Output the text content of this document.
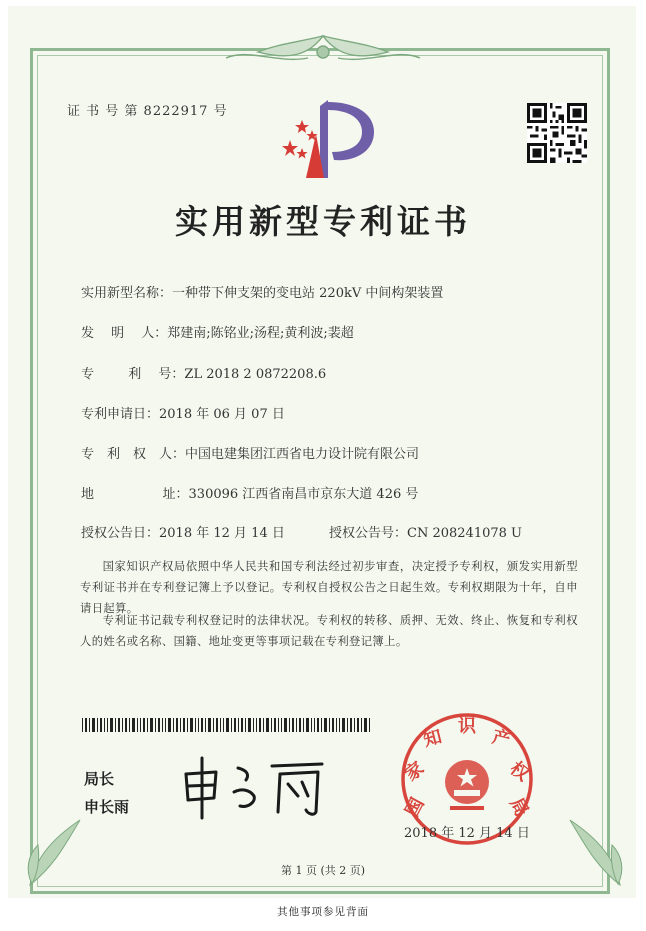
证 书 号 第 8222917 号
实用新型专利证书
实用新型名称：一种带下伸支架的变电站 220kV 中间构架装置
发　 明　 人：郑建南;陈铭业;汤程;黄利波;裴超
专　 　 利　 号：ZL 2018 2 0872208.6
专利申请日：2018 年 06 月 07 日
专　利　权　人：中国电建集团江西省电力设计院有限公司
地　 　 　 　 址：330096 江西省南昌市京东大道 426 号
授权公告日：2018 年 12 月 14 日	授权公告号：CN 208241078 U
国家知识产权局依照中华人民共和国专利法经过初步审查，决定授予专利权，颁发实用新型专利证书并在专利登记簿上予以登记。专利权自授权公告之日起生效。专利权期限为十年，自申请日起算。
专利证书记载专利权登记时的法律状况。专利权的转移、质押、无效、终止、恢复和专利权人的姓名或名称、国籍、地址变更等事项记载在专利登记簿上。
局长
申长雨	国
家
知
识
产
权
局
2018 年 12 月 14 日
第 1 页 (共 2 页)
其他事项参见背面
